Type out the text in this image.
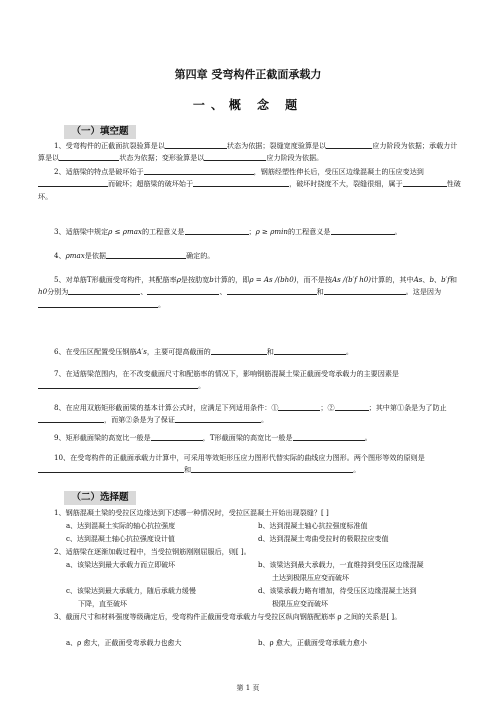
第四章 受弯构件正截面承载力
一、概 念 题
（一）填空题

1、受弯构件的正截面抗裂验算是以	状态为依据；裂缝宽度验算是以	应力阶段为依据；承载力计算是以	状态为依据；变形验算是以	应力阶段为依据。

2、适筋梁的特点是破坏始于	，钢筋经塑性伸长后，受压区边缘混凝土的压应变达到而破坏；超筋梁的破坏始于	，破坏时挠度不大，裂缝很细，属于	性破坏。

3、适筋梁中规定ρ ≤ ρmax的工程意义是	；ρ ≥ ρmin的工程意义是	。

4、ρmax是依据	确定的。

5、对单筋T形截面受弯构件，其配筋率ρ是按肋宽b计算的，即ρ = As /(bh0)，而不是按As /(b′f h0)计算的，其中As、b、b′f和h0分别为	、	、	和	。这是因为。

6、在受压区配置受压钢筋A′s，主要可提高截面的	和	。

7、在适筋梁范围内，在不改变截面尺寸和配筋率的情况下，影响钢筋混凝土梁正截面受弯承载力的主要因素是。

8、在应用双筋矩形截面梁的基本计算公式时，应满足下列适用条件：①	；②	；其中第①条是为了防止，而第②条是为了保证	。

9、矩形截面梁的高宽比一般是	，T形截面梁的高宽比一般是	。

10、在受弯构件的正截面承载力计算中，可采用等效矩形压应力图形代替实际的曲线应力图形。两个图形等效的原则是和	。

（二）选择题

1、钢筋混凝土梁的受拉区边缘达到下述哪一种情况时，受拉区混凝土开始出现裂缝？[ ]

a、达到混凝土实际的轴心抗拉强度	b、达到混凝土轴心抗拉强度标准值
c、达到混凝土轴心抗拉强度设计值	d、达到混凝土弯曲受拉时的极限拉应变值

2、适筋梁在逐渐加载过程中，当受拉钢筋刚刚屈服后，则[ ]。

a、该梁达到最大承载力而立即破坏	b、该梁达到最大承载力，一直维持到受压区边缘混凝
土达到极限压应变而破坏
c、该梁达到最大承载力，随后承载力缓慢
下降，直至破坏
d、该梁承载力略有增加，待受压区边缘混凝土达到
极限压应变而破坏

3、截面尺寸和材料强度等级确定后，受弯构件正截面受弯承载力与受拉区纵向钢筋配筋率 ρ 之间的关系是[ ]。

a、ρ 愈大，正截面受弯承载力也愈大	b、ρ 愈大，正截面受弯承载力愈小
第 1 页
